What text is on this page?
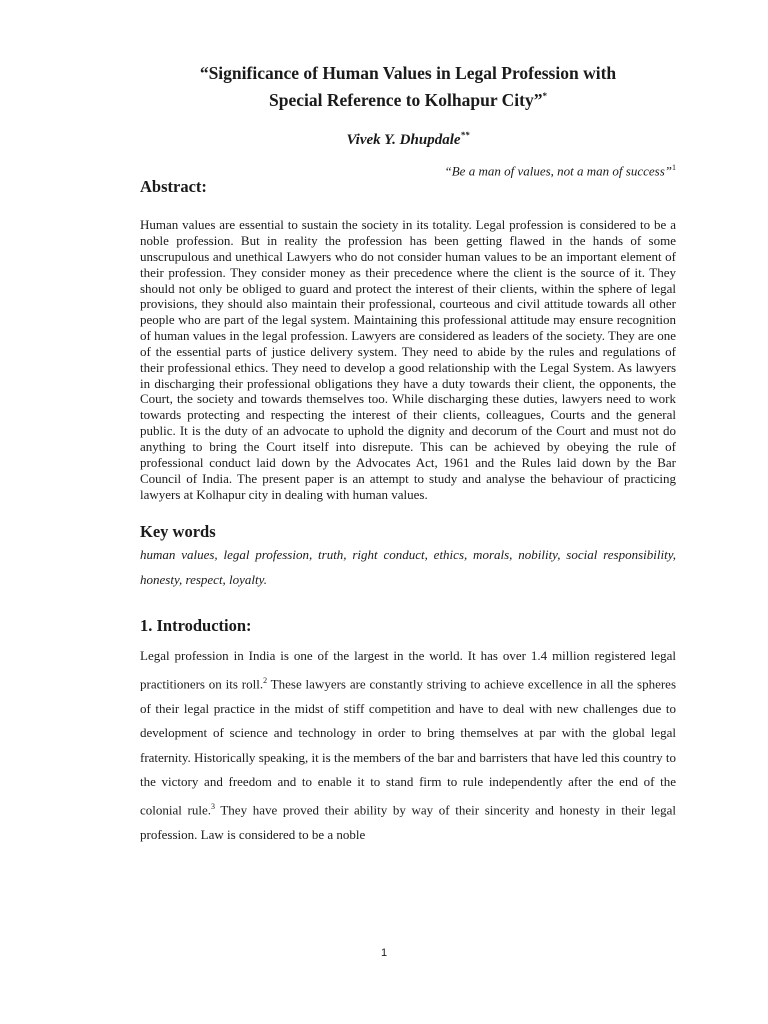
“Significance of Human Values in Legal Profession with
Special Reference to Kolhapur City”*
Vivek Y. Dhupdale**
“Be a man of values, not a man of success”$^1$
Abstract:

Human values are essential to sustain the society in its totality. Legal profession is considered to be a noble profession. But in reality the profession has been getting flawed in the hands of some unscrupulous and unethical Lawyers who do not consider human values to be an important element of their profession. They consider money as their precedence where the client is the source of it. They should not only be obliged to guard and protect the interest of their clients, within the sphere of legal provisions, they should also maintain their professional, courteous and civil attitude towards all other people who are part of the legal system. Maintaining this professional attitude may ensure recognition of human values in the legal profession. Lawyers are considered as leaders of the society. They are one of the essential parts of justice delivery system. They need to abide by the rules and regulations of their professional ethics. They need to develop a good relationship with the Legal System. As lawyers in discharging their professional obligations they have a duty towards their client, the opponents, the Court, the society and towards themselves too. While discharging these duties, lawyers need to work towards protecting and respecting the interest of their clients, colleagues, Courts and the general public. It is the duty of an advocate to uphold the dignity and decorum of the Court and must not do anything to bring the Court itself into disrepute. This can be achieved by obeying the rule of professional conduct laid down by the Advocates Act, 1961 and the Rules laid down by the Bar Council of India. The present paper is an attempt to study and analyse the behaviour of practicing lawyers at Kolhapur city in dealing with human values.

Key words

human values, legal profession, truth, right conduct, ethics, morals, nobility, social responsibility, honesty, respect, loyalty.

1. Introduction:

Legal profession in India is one of the largest in the world. It has over 1.4 million registered legal practitioners on its roll.$^2$ These lawyers are constantly striving to achieve excellence in all the spheres of their legal practice in the midst of stiff competition and have to deal with new challenges due to development of science and technology in order to bring themselves at par with the global legal fraternity. Historically speaking, it is the members of the bar and barristers that have led this country to the victory and freedom and to enable it to stand firm to rule independently after the end of the colonial rule.$^3$ They have proved their ability by way of their sincerity and honesty in their legal profession. Law is considered to be a noble

1
